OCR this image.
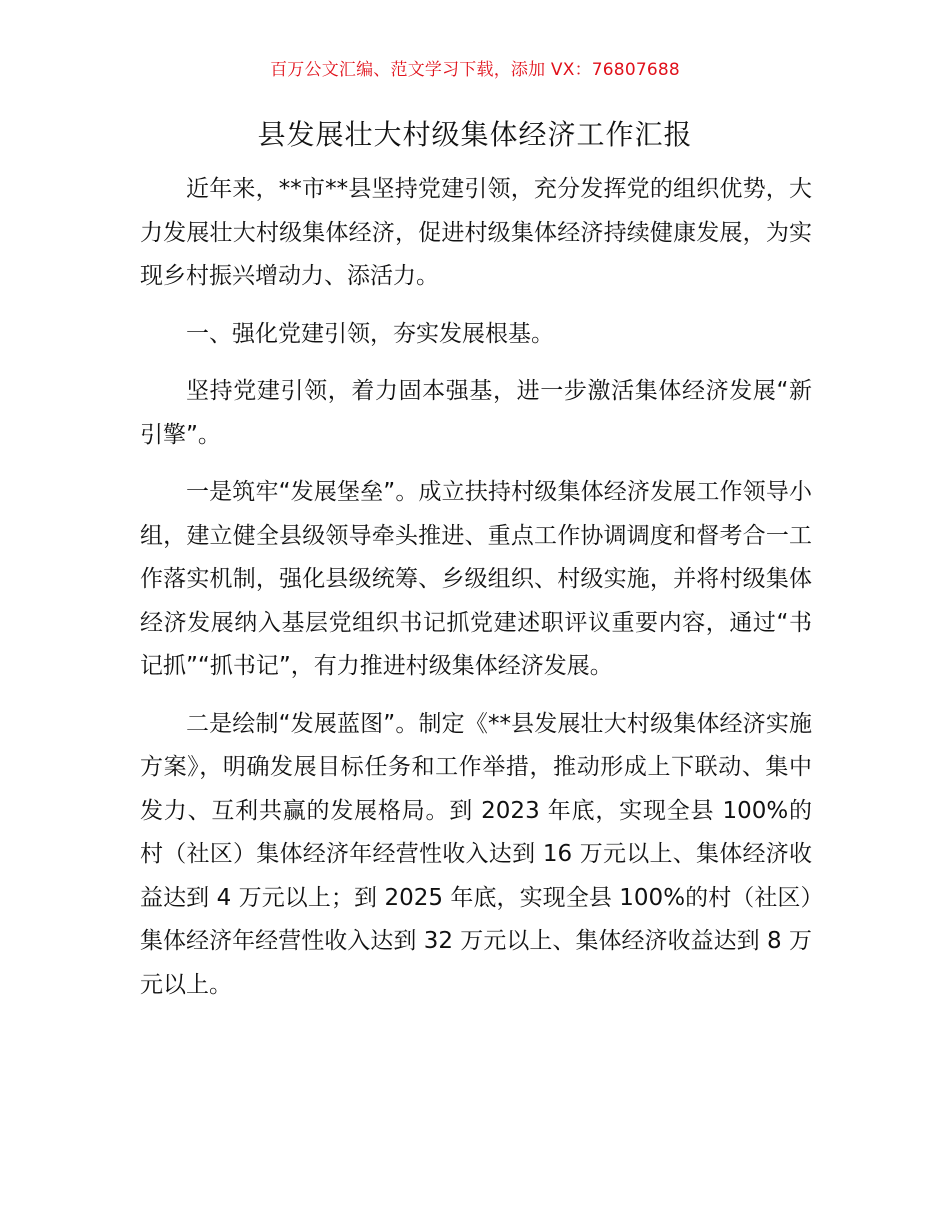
百万公文汇编、范文学习下载，添加 VX：76807688
县发展壮大村级集体经济工作汇报

近年来，**市**县坚持党建引领，充分发挥党的组织优势，大力发展壮大村级集体经济，促进村级集体经济持续健康发展，为实现乡村振兴增动力、添活力。

一、强化党建引领，夯实发展根基。

坚持党建引领，着力固本强基，进一步激活集体经济发展“新引擎”。

一是筑牢“发展堡垒”。成立扶持村级集体经济发展工作领导小组，建立健全县级领导牵头推进、重点工作协调调度和督考合一工作落实机制，强化县级统筹、乡级组织、村级实施，并将村级集体经济发展纳入基层党组织书记抓党建述职评议重要内容，通过“书记抓”“抓书记”，有力推进村级集体经济发展。

二是绘制“发展蓝图”。制定《**县发展壮大村级集体经济实施方案》，明确发展目标任务和工作举措，推动形成上下联动、集中发力、互利共赢的发展格局。到 2023 年底，实现全县 100%的村（社区）集体经济年经营性收入达到 16 万元以上、集体经济收益达到 4 万元以上；到 2025 年底，实现全县 100%的村（社区）集体经济年经营性收入达到 32 万元以上、集体经济收益达到 8 万元以上。
